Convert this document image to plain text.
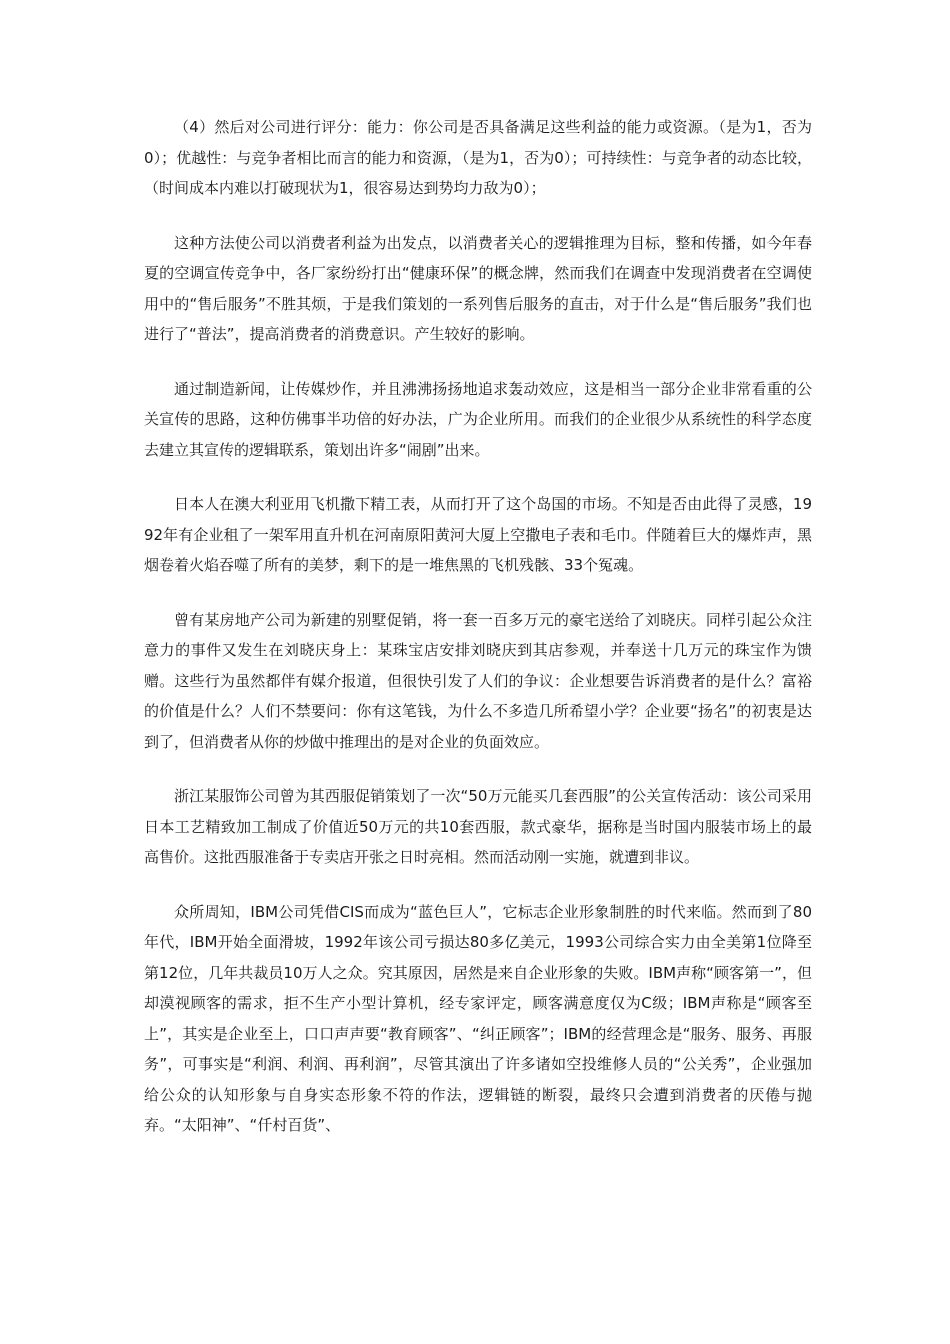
（4）然后对公司进行评分：能力：你公司是否具备满足这些利益的能力或资源。（是为1，否为0）；优越性：与竞争者相比而言的能力和资源，（是为1，否为0）；可持续性：与竞争者的动态比较，（时间成本内难以打破现状为1，很容易达到势均力敌为0）；

这种方法使公司以消费者利益为出发点，以消费者关心的逻辑推理为目标，整和传播，如今年春夏的空调宣传竞争中，各厂家纷纷打出“健康环保”的概念牌，然而我们在调查中发现消费者在空调使用中的“售后服务”不胜其烦，于是我们策划的一系列售后服务的直击，对于什么是“售后服务”我们也进行了“普法”，提高消费者的消费意识。产生较好的影响。

通过制造新闻，让传媒炒作，并且沸沸扬扬地追求轰动效应，这是相当一部分企业非常看重的公关宣传的思路，这种仿佛事半功倍的好办法，广为企业所用。而我们的企业很少从系统性的科学态度去建立其宣传的逻辑联系，策划出许多“闹剧”出来。

日本人在澳大利亚用飞机撒下精工表，从而打开了这个岛国的市场。不知是否由此得了灵感，1992年有企业租了一架军用直升机在河南原阳黄河大厦上空撒电子表和毛巾。伴随着巨大的爆炸声，黑烟卷着火焰吞噬了所有的美梦，剩下的是一堆焦黑的飞机残骸、33个冤魂。

曾有某房地产公司为新建的别墅促销，将一套一百多万元的豪宅送给了刘晓庆。同样引起公众注意力的事件又发生在刘晓庆身上：某珠宝店安排刘晓庆到其店参观，并奉送十几万元的珠宝作为馈赠。这些行为虽然都伴有媒介报道，但很快引发了人们的争议：企业想要告诉消费者的是什么？富裕的价值是什么？人们不禁要问：你有这笔钱，为什么不多造几所希望小学？企业要“扬名”的初衷是达到了，但消费者从你的炒做中推理出的是对企业的负面效应。

浙江某服饰公司曾为其西服促销策划了一次“50万元能买几套西服”的公关宣传活动：该公司采用日本工艺精致加工制成了价值近50万元的共10套西服，款式豪华，据称是当时国内服装市场上的最高售价。这批西服准备于专卖店开张之日时亮相。然而活动刚一实施，就遭到非议。

众所周知，IBM公司凭借CIS而成为“蓝色巨人”，它标志企业形象制胜的时代来临。然而到了80年代，IBM开始全面滑坡，1992年该公司亏损达80多亿美元，1993公司综合实力由全美第1位降至第12位，几年共裁员10万人之众。究其原因，居然是来自企业形象的失败。IBM声称“顾客第一”，但却漠视顾客的需求，拒不生产小型计算机，经专家评定，顾客满意度仅为C级；IBM声称是“顾客至上”，其实是企业至上，口口声声要“教育顾客”、“纠正顾客”；IBM的经营理念是“服务、服务、再服务”，可事实是“利润、利润、再利润”，尽管其演出了许多诸如空投维修人员的“公关秀”，企业强加给公众的认知形象与自身实态形象不符的作法，逻辑链的断裂，最终只会遭到消费者的厌倦与抛弃。“太阳神”、“仟村百货”、
